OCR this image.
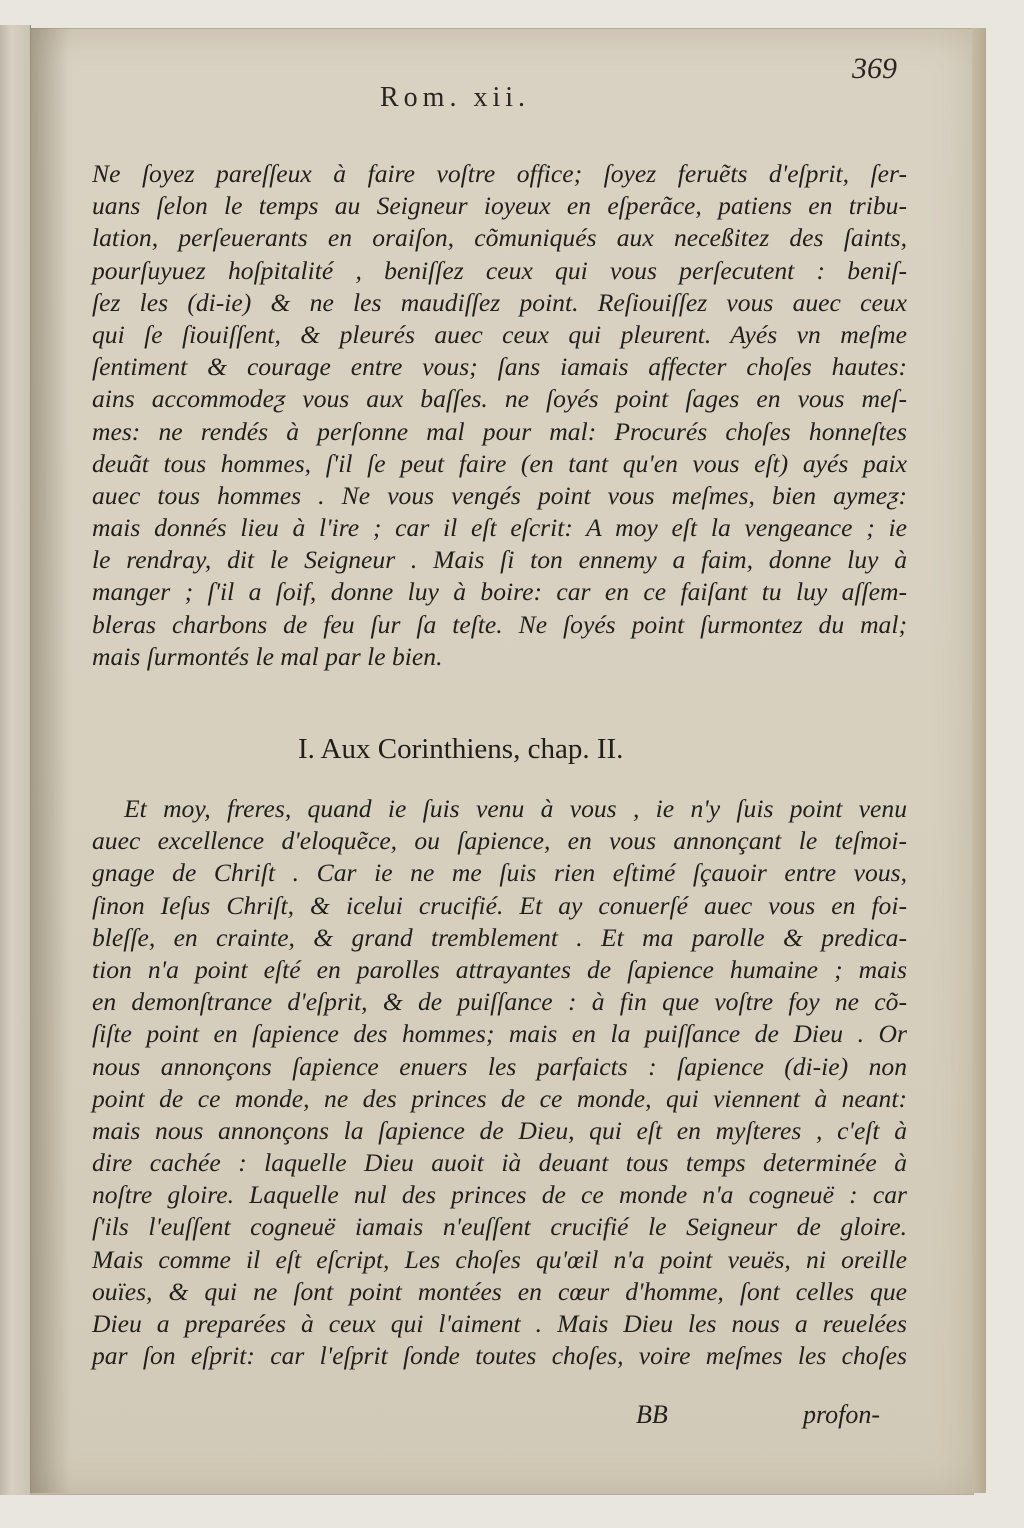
369
Rom. xii.
Ne ſoyez pareſſeux à faire voſtre office; ſoyez feruẽts d'eſprit, ſer-
uans ſelon le temps au Seigneur ioyeux en eſperãce, patiens en tribu-
lation, perſeuerants en oraiſon, cõmuniqués aux neceßitez des ſaints,
pourſuyuez hoſpitalité , beniſſez ceux qui vous perſecutent : beniſ-
ſez les (di-ie) & ne les maudiſſez point. Reſiouiſſez vous auec ceux
qui ſe ſiouiſſent, & pleurés auec ceux qui pleurent. Ayés vn meſme
ſentiment & courage entre vous; ſans iamais affecter choſes hautes:
ains accommodeƺ vous aux baſſes. ne ſoyés point ſages en vous meſ-
mes: ne rendés à perſonne mal pour mal: Procurés choſes honneſtes
deuãt tous hommes, ſ'il ſe peut faire (en tant qu'en vous eſt) ayés paix
auec tous hommes . Ne vous vengés point vous meſmes, bien aymeƺ:
mais donnés lieu à l'ire ; car il eſt eſcrit: A moy eſt la vengeance ; ie
le rendray, dit le Seigneur . Mais ſi ton ennemy a faim, donne luy à
manger ; ſ'il a ſoif, donne luy à boire: car en ce faiſant tu luy aſſem-
bleras charbons de feu ſur ſa teſte. Ne ſoyés point ſurmontez du mal;
mais ſurmontés le mal par le bien.
I. Aux Corinthiens, chap. II.
Et moy, freres, quand ie ſuis venu à vous , ie n'y ſuis point venu
auec excellence d'eloquẽce, ou ſapience, en vous annonçant le teſmoi-
gnage de Chriſt . Car ie ne me ſuis rien eſtimé ſçauoir entre vous,
ſinon Ieſus Chriſt, & icelui crucifié. Et ay conuerſé auec vous en foi-
bleſſe, en crainte, & grand tremblement . Et ma parolle & predica-
tion n'a point eſté en parolles attrayantes de ſapience humaine ; mais
en demonſtrance d'eſprit, & de puiſſance : à fin que voſtre foy ne cõ-
ſiſte point en ſapience des hommes; mais en la puiſſance de Dieu . Or
nous annonçons ſapience enuers les parfaicts : ſapience (di-ie) non
point de ce monde, ne des princes de ce monde, qui viennent à neant:
mais nous annonçons la ſapience de Dieu, qui eſt en myſteres , c'eſt à
dire cachée : laquelle Dieu auoit ià deuant tous temps determinée à
noſtre gloire. Laquelle nul des princes de ce monde n'a cogneuë : car
ſ'ils l'euſſent cogneuë iamais n'euſſent crucifié le Seigneur de gloire.
Mais comme il eſt eſcript, Les choſes qu'œil n'a point veuës, ni oreille
ouïes, & qui ne ſont point montées en cœur d'homme, ſont celles que
Dieu a preparées à ceux qui l'aiment . Mais Dieu les nous a reuelées
par ſon eſprit: car l'eſprit ſonde toutes choſes, voire meſmes les choſes
BB	profon-
